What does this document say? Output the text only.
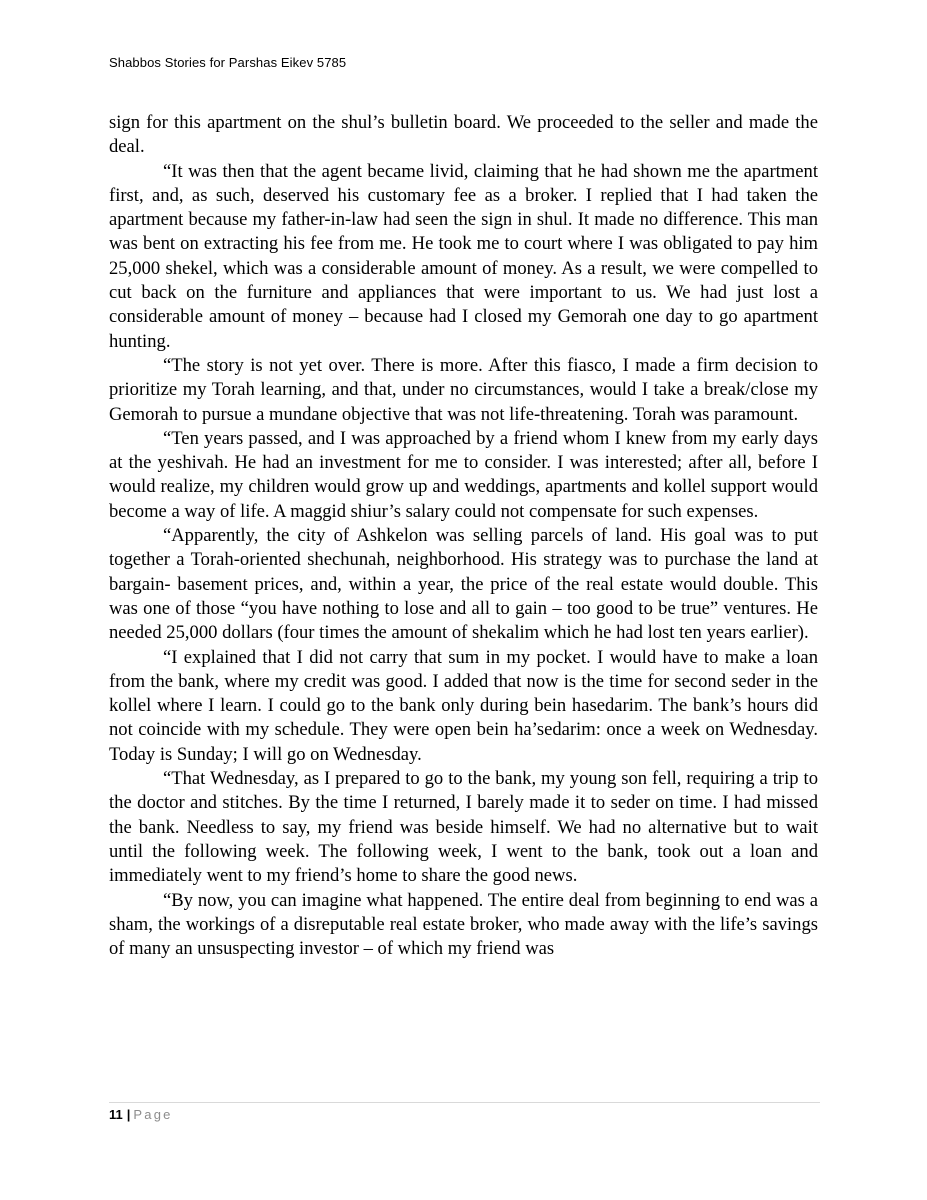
Shabbos Stories for Parshas Eikev 5785

sign for this apartment on the shul’s bulletin board. We proceeded to the seller and made the deal.

“It was then that the agent became livid, claiming that he had shown me the apartment first, and, as such, deserved his customary fee as a broker. I replied that I had taken the apartment because my father-in-law had seen the sign in shul. It made no difference. This man was bent on extracting his fee from me. He took me to court where I was obligated to pay him 25,000 shekel, which was a considerable amount of money. As a result, we were compelled to cut back on the furniture and appliances that were important to us. We had just lost a considerable amount of money – because had I closed my Gemorah one day to go apartment hunting.

“The story is not yet over. There is more. After this fiasco, I made a firm decision to prioritize my Torah learning, and that, under no circumstances, would I take a break/close my Gemorah to pursue a mundane objective that was not life-threatening. Torah was paramount.

“Ten years passed, and I was approached by a friend whom I knew from my early days at the yeshivah. He had an investment for me to consider. I was interested; after all, before I would realize, my children would grow up and weddings, apartments and kollel support would become a way of life. A maggid shiur’s salary could not compensate for such expenses.

“Apparently, the city of Ashkelon was selling parcels of land. His goal was to put together a Torah-oriented shechunah, neighborhood. His strategy was to purchase the land at bargain- basement prices, and, within a year, the price of the real estate would double. This was one of those “you have nothing to lose and all to gain – too good to be true” ventures. He needed 25,000 dollars (four times the amount of shekalim which he had lost ten years earlier).

“I explained that I did not carry that sum in my pocket. I would have to make a loan from the bank, where my credit was good. I added that now is the time for second seder in the kollel where I learn. I could go to the bank only during bein hasedarim. The bank’s hours did not coincide with my schedule. They were open bein ha’sedarim: once a week on Wednesday. Today is Sunday; I will go on Wednesday.

“That Wednesday, as I prepared to go to the bank, my young son fell, requiring a trip to the doctor and stitches. By the time I returned, I barely made it to seder on time. I had missed the bank. Needless to say, my friend was beside himself. We had no alternative but to wait until the following week. The following week, I went to the bank, took out a loan and immediately went to my friend’s home to share the good news.

“By now, you can imagine what happened. The entire deal from beginning to end was a sham, the workings of a disreputable real estate broker, who made away with the life’s savings of many an unsuspecting investor – of which my friend was

11 | Page
